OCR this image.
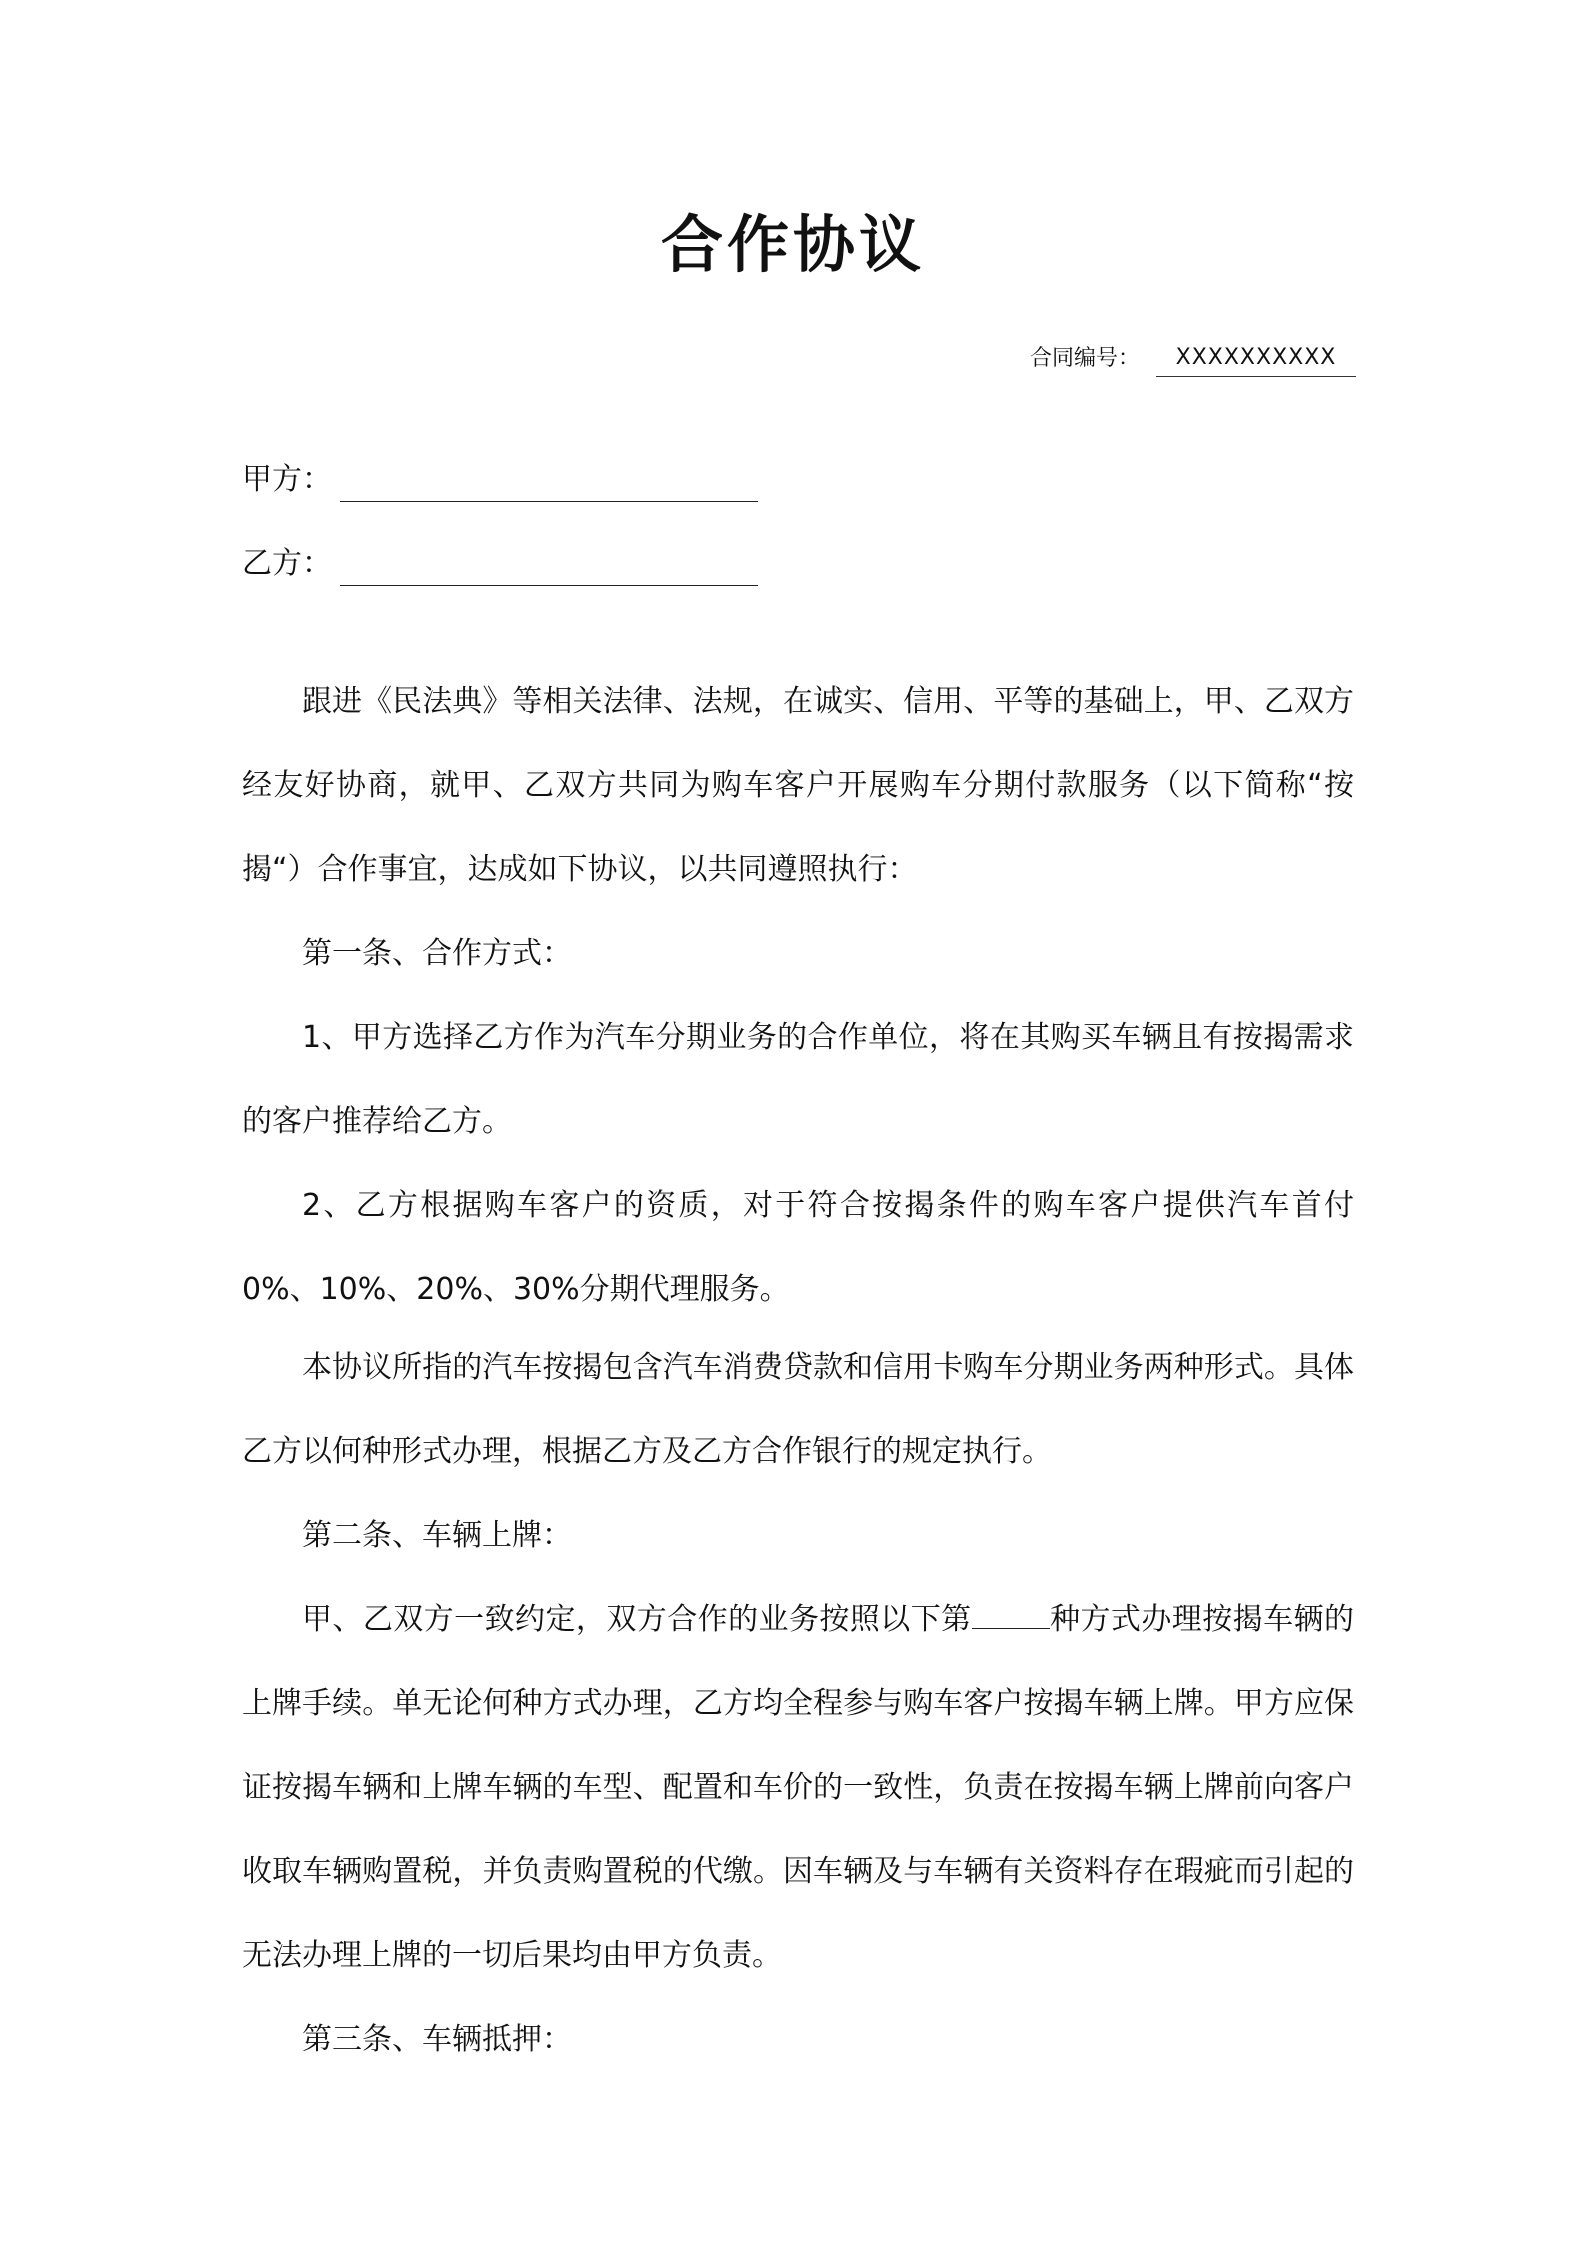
合作协议
合同编号：	XXXXXXXXXX
甲方：
乙方：

跟进《民法典》等相关法律、法规，在诚实、信用、平等的基础上，甲、乙双方经友好协商，就甲、乙双方共同为购车客户开展购车分期付款服务（以下简称“按揭“）合作事宜，达成如下协议，以共同遵照执行：

第一条、合作方式：

1、甲方选择乙方作为汽车分期业务的合作单位，将在其购买车辆且有按揭需求的客户推荐给乙方。

2、乙方根据购车客户的资质，对于符合按揭条件的购车客户提供汽车首付0%、10%、20%、30%分期代理服务。

本协议所指的汽车按揭包含汽车消费贷款和信用卡购车分期业务两种形式。具体乙方以何种形式办理，根据乙方及乙方合作银行的规定执行。

第二条、车辆上牌：

甲、乙双方一致约定，双方合作的业务按照以下第	种方式办理按揭车辆的上牌手续。单无论何种方式办理，乙方均全程参与购车客户按揭车辆上牌。甲方应保证按揭车辆和上牌车辆的车型、配置和车价的一致性，负责在按揭车辆上牌前向客户收取车辆购置税，并负责购置税的代缴。因车辆及与车辆有关资料存在瑕疵而引起的无法办理上牌的一切后果均由甲方负责。

第三条、车辆抵押：
